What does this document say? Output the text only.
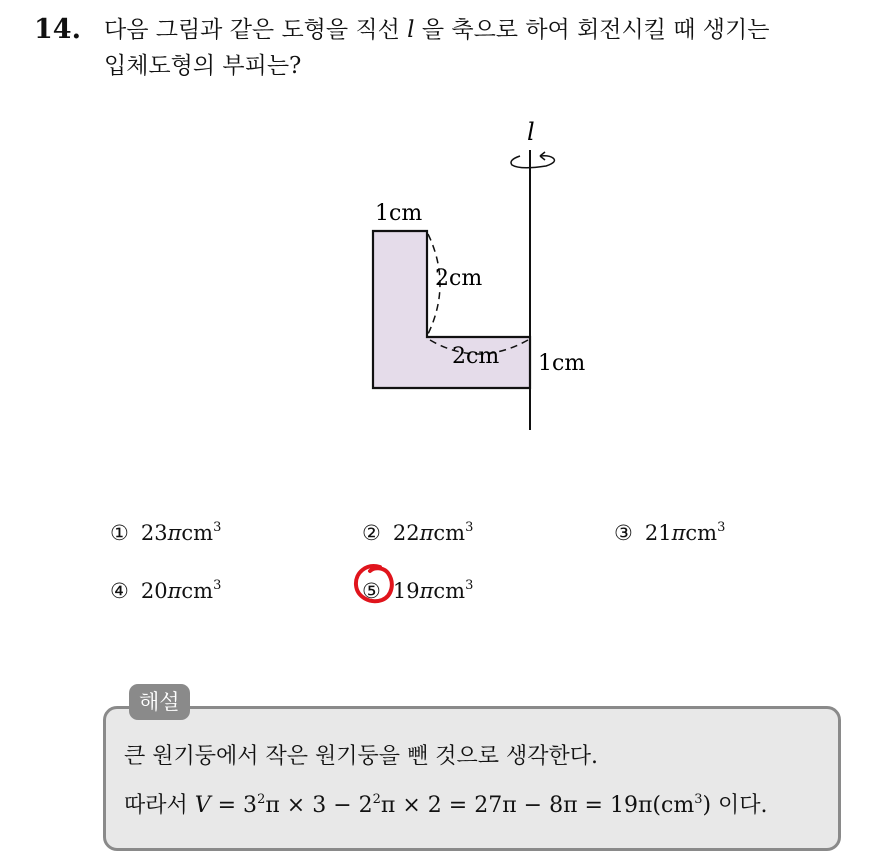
14. 다음 그림과 같은 도형을 직선 l 을 축으로 하여 회전시킬 때 생기는
입체도형의 부피는?
l
1cm
2cm
2cm 1cm
① 23πcm$^3$	② 22πcm$^3$	③ 21πcm$^3$
④ 20πcm$^3$	⑤ 19πcm$^3$
해설
큰 원기둥에서 작은 원기둥을 뺀 것으로 생각한다.
따라서 $V = 3^2\pi \times 3 - 2^2\pi \times 2 = 27\pi - 8\pi = 19\pi(cm^3)$ 이다.
